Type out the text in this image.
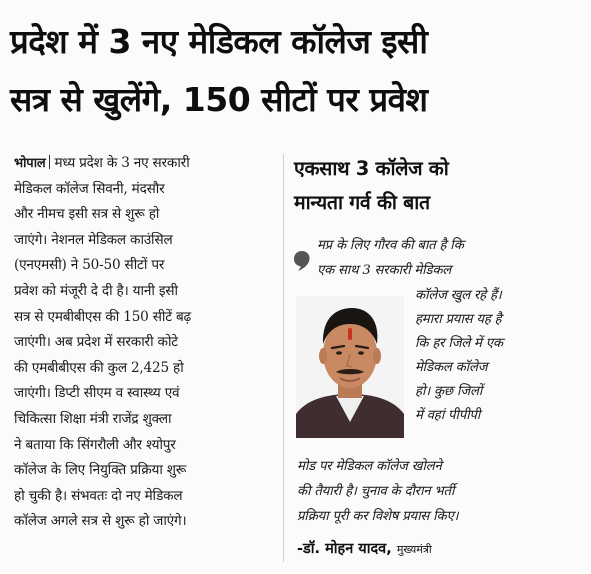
प्रदेश में 3 नए मेडिकल कॉलेज इसी
सत्र से खुलेंगे, 150 सीटों पर प्रवेश
भोपाल मध्य प्रदेश के 3 नए सरकारी
मेडिकल कॉलेज सिवनी, मंदसौर
और नीमच इसी सत्र से शुरू हो
जाएंगे। नेशनल मेडिकल काउंसिल
(एनएमसी) ने 50-50 सीटों पर
प्रवेश को मंजूरी दे दी है। यानी इसी
सत्र से एमबीबीएस की 150 सीटें बढ़
जाएंगी। अब प्रदेश में सरकारी कोटे
की एमबीबीएस की कुल 2,425 हो
जाएंगी। डिप्टी सीएम व स्वास्थ्य एवं
चिकित्सा शिक्षा मंत्री राजेंद्र शुक्ला
ने बताया कि सिंगरौली और श्योपुर
कॉलेज के लिए नियुक्ति प्रक्रिया शुरू
हो चुकी है। संभवतः दो नए मेडिकल
कॉलेज अगले सत्र से शुरू हो जाएंगे।
एकसाथ 3 कॉलेज को
मान्यता गर्व की बात
मप्र के लिए गौरव की बात है कि
एक साथ 3 सरकारी मेडिकल
कॉलेज खुल रहे हैं।
हमारा प्रयास यह है
कि हर जिले में एक
मेडिकल कॉलेज
हो। कुछ जिलों
में वहां पीपीपी
मोड पर मेडिकल कॉलेज खोलने
की तैयारी है। चुनाव के दौरान भर्ती
प्रक्रिया पूरी कर विशेष प्रयास किए।
-डॉ. मोहन यादव, मुख्यमंत्री
